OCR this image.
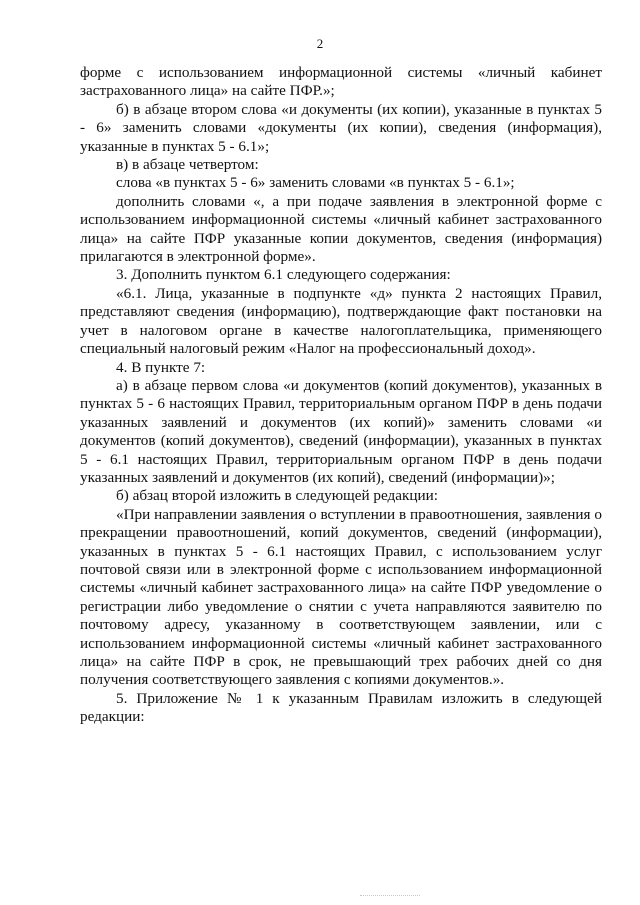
2

форме с использованием информационной системы «личный кабинет застрахованного лица» на сайте ПФР.»;

б) в абзаце втором слова «и документы (их копии), указанные в пунктах 5 - 6» заменить словами «документы (их копии), сведения (информация), указанные в пунктах 5 - 6.1»;

в) в абзаце четвертом:

слова «в пунктах 5 - 6» заменить словами «в пунктах 5 - 6.1»;

дополнить словами «, а при подаче заявления в электронной форме с использованием информационной системы «личный кабинет застрахованного лица» на сайте ПФР указанные копии документов, сведения (информация) прилагаются в электронной форме».

3. Дополнить пунктом 6.1 следующего содержания:

«6.1. Лица, указанные в подпункте «д» пункта 2 настоящих Правил, представляют сведения (информацию), подтверждающие факт постановки на учет в налоговом органе в качестве налогоплательщика, применяющего специальный налоговый режим «Налог на профессиональный доход».

4. В пункте 7:

а) в абзаце первом слова «и документов (копий документов), указанных в пунктах 5 - 6 настоящих Правил, территориальным органом ПФР в день подачи указанных заявлений и документов (их копий)» заменить словами «и документов (копий документов), сведений (информации), указанных в пунктах 5 - 6.1 настоящих Правил, территориальным органом ПФР в день подачи указанных заявлений и документов (их копий), сведений (информации)»;

б) абзац второй изложить в следующей редакции:

«При направлении заявления о вступлении в правоотношения, заявления о прекращении правоотношений, копий документов, сведений (информации), указанных в пунктах 5 - 6.1 настоящих Правил, с использованием услуг почтовой связи или в электронной форме с использованием информационной системы «личный кабинет застрахованного лица» на сайте ПФР уведомление о регистрации либо уведомление о снятии с учета направляются заявителю по почтовому адресу, указанному в соответствующем заявлении, или с использованием информационной системы «личный кабинет застрахованного лица» на сайте ПФР в срок, не превышающий трех рабочих дней со дня получения соответствующего заявления с копиями документов.».

5. Приложение № 1 к указанным Правилам изложить в следующей редакции:
